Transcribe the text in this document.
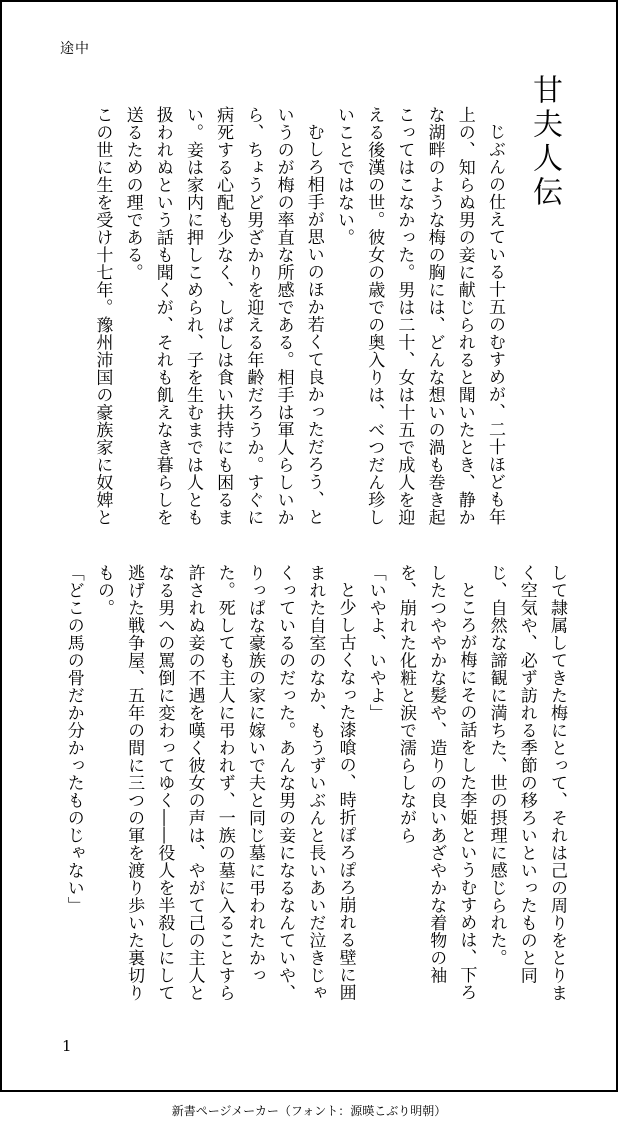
途中
甘夫人伝

じぶんの仕えている十五のむすめが、二十ほども年上の、知らぬ男の妾に献じられると聞いたとき、静かな湖畔のような梅の胸には、どんな想いの渦も巻き起こってはこなかった。男は二十、女は十五で成人を迎える後漢の世。彼女の歳での奥入りは、べつだん珍しいことではない。

むしろ相手が思いのほか若くて良かっただろう、というのが梅の率直な所感である。相手は軍人らしいから、ちょうど男ざかりを迎える年齢だろうか。すぐに病死する心配も少なく、しばしは食い扶持にも困るまい。妾は家内に押しこめられ、子を生むまでは人とも扱われぬという話も聞くが、それも飢えなき暮らしを送るための理である。

この世に生を受け十七年。豫州沛国の豪族家に奴婢と

して隷属してきた梅にとって、それは己の周りをとりまく空気や、必ず訪れる季節の移ろいといったものと同じ、自然な諦観に満ちた、世の摂理に感じられた。

ところが梅にその話をした李姫というむすめは、下ろしたつややかな髪や、造りの良いあざやかな着物の袖を、崩れた化粧と涙で濡らしながら

「いやよ、いやよ」

と少し古くなった漆喰の、時折ぽろぽろ崩れる壁に囲まれた自室のなか、もうずいぶんと長いあいだ泣きじゃくっているのだった。あんな男の妾になるなんていや、りっぱな豪族の家に嫁いで夫と同じ墓に弔われたかった。死しても主人に弔われず、一族の墓に入ることすら許されぬ妾の不遇を嘆く彼女の声は、やがて己の主人となる男への罵倒に変わってゆく――役人を半殺しにして逃げた戦争屋、五年の間に三つの軍を渡り歩いた裏切りもの。

「どこの馬の骨だか分かったものじゃない」

1
新書ページメーカー（フォント：源暎こぶり明朝）
